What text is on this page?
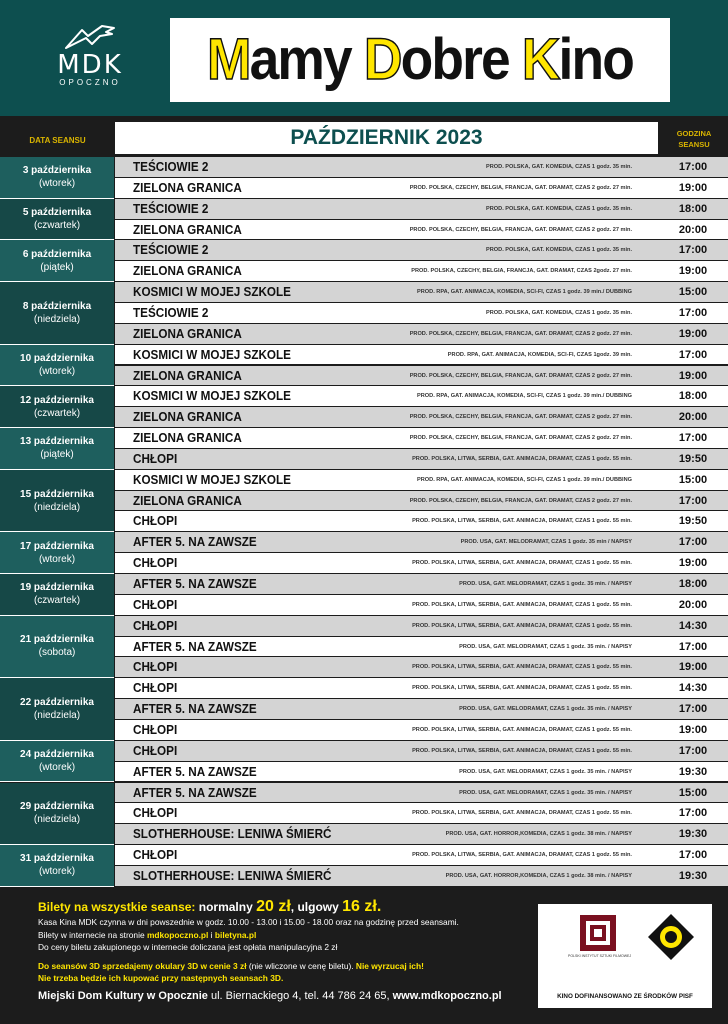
MDK
OPOCZNO	Mamy Dobre Kino
DATA SEANSU	PAŹDZIERNIK 2023	GODZINA
SEANSU
3 października
(wtorek)
TEŚCIOWIE 2	PROD. POLSKA, GAT. KOMEDIA, CZAS 1 godz. 35 min.	17:00
ZIELONA GRANICA	PROD. POLSKA, CZECHY, BELGIA, FRANCJA, GAT. DRAMAT, CZAS 2 godz. 27 min.	19:00
5 października
(czwartek)
TEŚCIOWIE 2	PROD. POLSKA, GAT. KOMEDIA, CZAS 1 godz. 35 min.	18:00
ZIELONA GRANICA	PROD. POLSKA, CZECHY, BELGIA, FRANCJA, GAT. DRAMAT, CZAS 2 godz. 27 min.	20:00
6 października
(piątek)
TEŚCIOWIE 2	PROD. POLSKA, GAT. KOMEDIA, CZAS 1 godz. 35 min.	17:00
ZIELONA GRANICA	PROD. POLSKA, CZECHY, BELGIA, FRANCJA, GAT. DRAMAT, CZAS 2godz. 27 min.	19:00
8 października
(niedziela)
KOSMICI W MOJEJ SZKOLE	PROD. RPA, GAT. ANIMACJA, KOMEDIA, SCI-FI, CZAS 1 godz. 39 min./ DUBBING	15:00
TEŚCIOWIE 2	PROD. POLSKA, GAT. KOMEDIA, CZAS 1 godz. 35 min.	17:00
ZIELONA GRANICA	PROD. POLSKA, CZECHY, BELGIA, FRANCJA, GAT. DRAMAT, CZAS 2 godz. 27 min.	19:00
10 października
(wtorek)
KOSMICI W MOJEJ SZKOLE	PROD. RPA, GAT. ANIMACJA, KOMEDIA, SCI-FI, CZAS 1godz. 39 min.	17:00
ZIELONA GRANICA	PROD. POLSKA, CZECHY, BELGIA, FRANCJA, GAT. DRAMAT, CZAS 2 godz. 27 min.	19:00
12 października
(czwartek)
KOSMICI W MOJEJ SZKOLE	PROD. RPA, GAT. ANIMACJA, KOMEDIA, SCI-FI, CZAS 1 godz. 39 min./ DUBBING	18:00
ZIELONA GRANICA	PROD. POLSKA, CZECHY, BELGIA, FRANCJA, GAT. DRAMAT, CZAS 2 godz. 27 min.	20:00
13 października
(piątek)
ZIELONA GRANICA	PROD. POLSKA, CZECHY, BELGIA, FRANCJA, GAT. DRAMAT, CZAS 2 godz. 27 min.	17:00
CHŁOPI	PROD. POLSKA, LITWA, SERBIA, GAT. ANIMACJA, DRAMAT, CZAS 1 godz. 55 min.	19:50
15 października
(niedziela)
KOSMICI W MOJEJ SZKOLE	PROD. RPA, GAT. ANIMACJA, KOMEDIA, SCI-FI, CZAS 1 godz. 39 min./ DUBBING	15:00
ZIELONA GRANICA	PROD. POLSKA, CZECHY, BELGIA, FRANCJA, GAT. DRAMAT, CZAS 2 godz. 27 min.	17:00
CHŁOPI	PROD. POLSKA, LITWA, SERBIA, GAT. ANIMACJA, DRAMAT, CZAS 1 godz. 55 min.	19:50
17 października
(wtorek)
AFTER 5. NA ZAWSZE	PROD. USA, GAT. MELODRAMAT, CZAS 1 godz. 35 min / NAPISY	17:00
CHŁOPI	PROD. POLSKA, LITWA, SERBIA, GAT. ANIMACJA, DRAMAT, CZAS 1 godz. 55 min.	19:00
19 października
(czwartek)
AFTER 5. NA ZAWSZE	PROD. USA, GAT. MELODRAMAT, CZAS 1 godz. 35 min. / NAPISY	18:00
CHŁOPI	PROD. POLSKA, LITWA, SERBIA, GAT. ANIMACJA, DRAMAT, CZAS 1 godz. 55 min.	20:00
21 października
(sobota)
CHŁOPI	PROD. POLSKA, LITWA, SERBIA, GAT. ANIMACJA, DRAMAT, CZAS 1 godz. 55 min.	14:30
AFTER 5. NA ZAWSZE	PROD. USA, GAT. MELODRAMAT, CZAS 1 godz. 35 min. / NAPISY	17:00
CHŁOPI	PROD. POLSKA, LITWA, SERBIA, GAT. ANIMACJA, DRAMAT, CZAS 1 godz. 55 min.	19:00
22 października
(niedziela)
CHŁOPI	PROD. POLSKA, LITWA, SERBIA, GAT. ANIMACJA, DRAMAT, CZAS 1 godz. 55 min.	14:30
AFTER 5. NA ZAWSZE	PROD. USA, GAT. MELODRAMAT, CZAS 1 godz. 35 min. / NAPISY	17:00
CHŁOPI	PROD. POLSKA, LITWA, SERBIA, GAT. ANIMACJA, DRAMAT, CZAS 1 godz. 55 min.	19:00
24 października
(wtorek)
CHŁOPI	PROD. POLSKA, LITWA, SERBIA, GAT. ANIMACJA, DRAMAT, CZAS 1 godz. 55 min.	17:00
AFTER 5. NA ZAWSZE	PROD. USA, GAT. MELODRAMAT, CZAS 1 godz. 35 min. / NAPISY	19:30
29 października
(niedziela)
AFTER 5. NA ZAWSZE	PROD. USA, GAT. MELODRAMAT, CZAS 1 godz. 35 min. / NAPISY	15:00
CHŁOPI	PROD. POLSKA, LITWA, SERBIA, GAT. ANIMACJA, DRAMAT, CZAS 1 godz. 55 min.	17:00
SLOTHERHOUSE: LENIWA ŚMIERĆ	PROD. USA, GAT. HORROR,KOMEDIA, CZAS 1 godz. 38 min. / NAPISY	19:30
31 października
(wtorek)
CHŁOPI	PROD. POLSKA, LITWA, SERBIA, GAT. ANIMACJA, DRAMAT, CZAS 1 godz. 55 min.	17:00
SLOTHERHOUSE: LENIWA ŚMIERĆ	PROD. USA, GAT. HORROR,KOMEDIA, CZAS 1 godz. 38 min. / NAPISY	19:30
Bilety na wszystkie seanse: normalny 20 zł, ulgowy 16 zł.
Kasa Kina MDK czynna w dni powszednie w godz. 10.00 - 13.00 i 15.00 - 18.00 oraz na godzinę przed seansami.
Bilety w internecie na stronie mdkopoczno.pl i biletyna.pl
Do ceny biletu zakupionego w internecie doliczana jest opłata manipulacyjna 2 zł
Do seansów 3D sprzedajemy okulary 3D w cenie 3 zł (nie wliczone w cenę biletu). Nie wyrzucaj ich!
Nie trzeba będzie ich kupować przy następnych seansach 3D.
Miejski Dom Kultury w Opocznie ul. Biernackiego 4, tel. 44 786 24 65, www.mdkopoczno.pl
POLSKI INSTYTUT SZTUKI FILMOWEJ
KINO DOFINANSOWANO ZE ŚRODKÓW PISF
